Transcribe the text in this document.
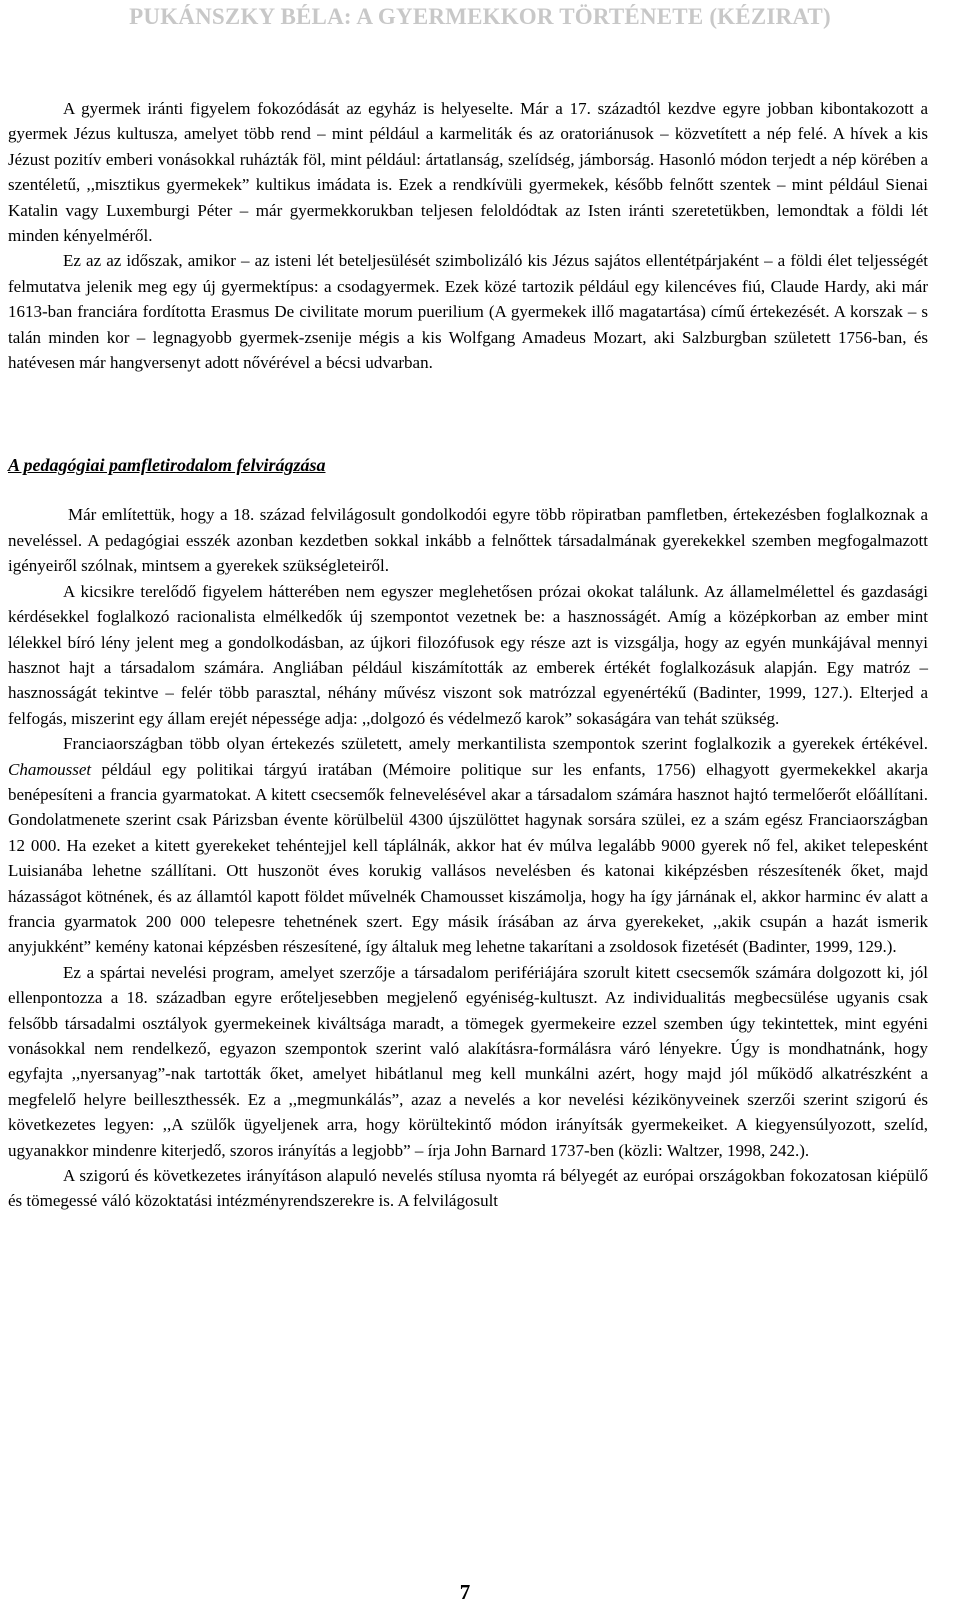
PUKÁNSZKY BÉLA: A GYERMEKKOR TÖRTÉNETE (KÉZIRAT)

A gyermek iránti figyelem fokozódását az egyház is helyeselte. Már a 17. századtól kezdve egyre jobban kibontakozott a gyermek Jézus kultusza, amelyet több rend – mint például a karmeliták és az oratoriánusok – közvetített a nép felé. A hívek a kis Jézust pozitív emberi vonásokkal ruházták föl, mint például: ártatlanság, szelídség, jámborság. Hasonló módon terjedt a nép körében a szentéletű, ,,misztikus gyermekek” kultikus imádata is. Ezek a rendkívüli gyermekek, később felnőtt szentek – mint például Sienai Katalin vagy Luxemburgi Péter – már gyermekkorukban teljesen feloldódtak az Isten iránti szeretetükben, lemondtak a földi lét minden kényelméről.

Ez az az időszak, amikor – az isteni lét beteljesülését szimbolizáló kis Jézus sajátos ellentétpárjaként – a földi élet teljességét felmutatva jelenik meg egy új gyermektípus: a csodagyermek. Ezek közé tartozik például egy kilencéves fiú, Claude Hardy, aki már 1613-ban franciára fordította Erasmus De civilitate morum puerilium (A gyermekek illő magatartása) című értekezését. A korszak – s talán minden kor – legnagyobb gyermek-zsenije mégis a kis Wolfgang Amadeus Mozart, aki Salzburgban született 1756-ban, és hatévesen már hangversenyt adott nővérével a bécsi udvarban.

A pedagógiai pamfletirodalom felvirágzása

Már említettük, hogy a 18. század felvilágosult gondolkodói egyre több röpiratban pamfletben, értekezésben foglalkoznak a neveléssel. A pedagógiai esszék azonban kezdetben sokkal inkább a felnőttek társadalmának gyerekekkel szemben megfogalmazott igényeiről szólnak, mintsem a gyerekek szükségleteiről.

A kicsikre terelődő figyelem hátterében nem egyszer meglehetősen prózai okokat találunk. Az államelmélettel és gazdasági kérdésekkel foglalkozó racionalista elmélkedők új szempontot vezetnek be: a hasznosságét. Amíg a középkorban az ember mint lélekkel bíró lény jelent meg a gondolkodásban, az újkori filozófusok egy része azt is vizsgálja, hogy az egyén munkájával mennyi hasznot hajt a társadalom számára. Angliában például kiszámították az emberek értékét foglalkozásuk alapján. Egy matróz – hasznosságát tekintve – felér több parasztal, néhány művész viszont sok matrózzal egyenértékű (Badinter, 1999, 127.). Elterjed a felfogás, miszerint egy állam erejét népessége adja: ,,dolgozó és védelmező karok” sokaságára van tehát szükség.

Franciaországban több olyan értekezés született, amely merkantilista szempontok szerint foglalkozik a gyerekek értékével. Chamousset például egy politikai tárgyú iratában (Mémoire politique sur les enfants, 1756) elhagyott gyermekekkel akarja benépesíteni a francia gyarmatokat. A kitett csecsemők felnevelésével akar a társadalom számára hasznot hajtó termelőerőt előállítani. Gondolatmenete szerint csak Párizsban évente körülbelül 4300 újszülöttet hagynak sorsára szülei, ez a szám egész Franciaországban 12 000. Ha ezeket a kitett gyerekeket tehéntejjel kell táplálnák, akkor hat év múlva legalább 9000 gyerek nő fel, akiket telepesként Luisianába lehetne szállítani. Ott huszonöt éves korukig vallásos nevelésben és katonai kiképzésben részesítenék őket, majd házasságot kötnének, és az államtól kapott földet művelnék Chamousset kiszámolja, hogy ha így járnának el, akkor harminc év alatt a francia gyarmatok 200 000 telepesre tehetnének szert. Egy másik írásában az árva gyerekeket, ,,akik csupán a hazát ismerik anyjukként” kemény katonai képzésben részesítené, így általuk meg lehetne takarítani a zsoldosok fizetését (Badinter, 1999, 129.).

Ez a spártai nevelési program, amelyet szerzője a társadalom perifériájára szorult kitett csecsemők számára dolgozott ki, jól ellenpontozza a 18. században egyre erőteljesebben megjelenő egyéniség-kultuszt. Az individualitás megbecsülése ugyanis csak felsőbb társadalmi osztályok gyermekeinek kiváltsága maradt, a tömegek gyermekeire ezzel szemben úgy tekintettek, mint egyéni vonásokkal nem rendelkező, egyazon szempontok szerint való alakításra-formálásra váró lényekre. Úgy is mondhatnánk, hogy egyfajta ,,nyersanyag”-nak tartották őket, amelyet hibátlanul meg kell munkálni azért, hogy majd jól működő alkatrészként a megfelelő helyre beilleszthessék. Ez a ,,megmunkálás”, azaz a nevelés a kor nevelési kézikönyveinek szerzői szerint szigorú és következetes legyen: ,,A szülők ügyeljenek arra, hogy körültekintő módon irányítsák gyermekeiket. A kiegyensúlyozott, szelíd, ugyanakkor mindenre kiterjedő, szoros irányítás a legjobb” – írja John Barnard 1737-ben (közli: Waltzer, 1998, 242.).

A szigorú és következetes irányításon alapuló nevelés stílusa nyomta rá bélyegét az európai országokban fokozatosan kiépülő és tömegessé váló közoktatási intézményrendszerekre is. A felvilágosult

7
